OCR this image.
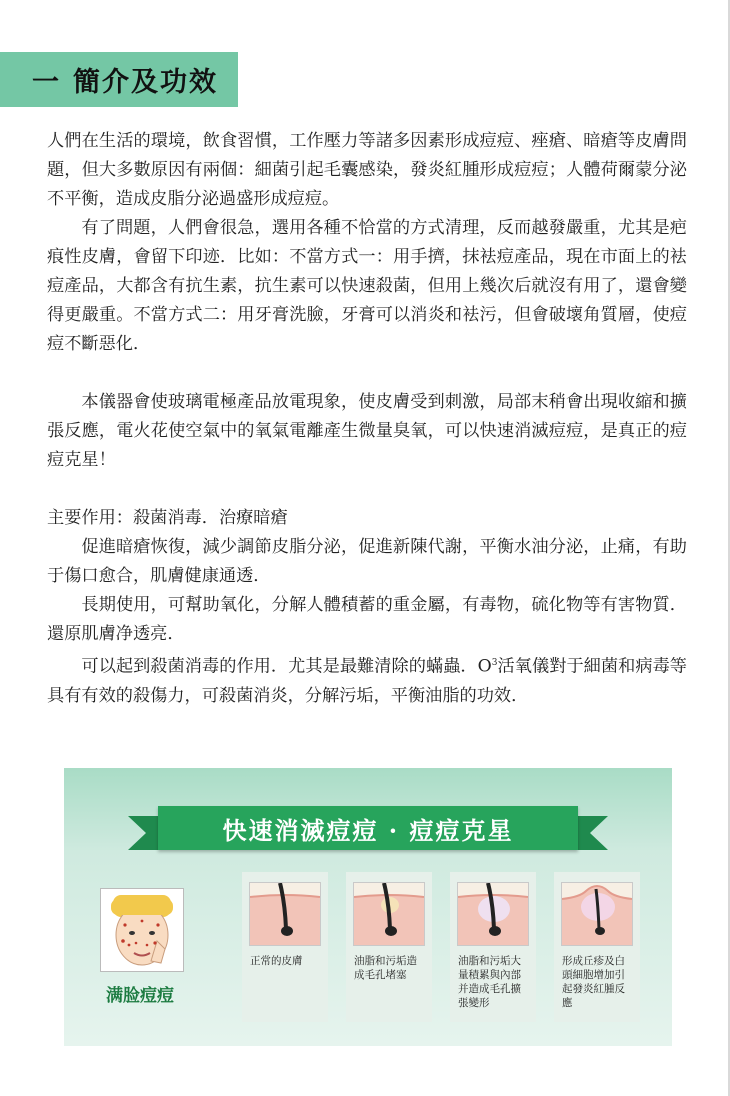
一 簡介及功效

人們在生活的環境，飲食習慣，工作壓力等諸多因素形成痘痘、痤瘡、暗瘡等皮膚問題，但大多數原因有兩個：細菌引起毛囊感染，發炎紅腫形成痘痘；人體荷爾蒙分泌不平衡，造成皮脂分泌過盛形成痘痘。

有了問題，人們會很急，選用各種不恰當的方式清理，反而越發嚴重，尤其是疤痕性皮膚，會留下印迹．比如：不當方式一：用手擠，抹袪痘產品，現在市面上的袪痘產品，大都含有抗生素，抗生素可以快速殺菌，但用上幾次后就沒有用了，還會變得更嚴重。不當方式二：用牙膏洗臉，牙膏可以消炎和袪污，但會破壞角質層，使痘痘不斷惡化．

本儀器會使玻璃電極產品放電現象，使皮膚受到刺激，局部末稍會出現收縮和擴張反應，電火花使空氣中的氧氣電離產生微量臭氧，可以快速消滅痘痘，是真正的痘痘克星！

主要作用：殺菌消毒．治療暗瘡

促進暗瘡恢復，減少調節皮脂分泌，促進新陳代謝，平衡水油分泌，止痛，有助于傷口愈合，肌膚健康通透．

長期使用，可幫助氧化，分解人體積蓄的重金屬，有毒物，硫化物等有害物質．還原肌膚净透亮．

可以起到殺菌消毒的作用．尤其是最難清除的蟎蟲．$O^3$活氧儀對于細菌和病毒等具有有效的殺傷力，可殺菌消炎，分解污垢，平衡油脂的功效．

快速消滅痘痘 · 痘痘克星
满脸痘痘
正常的皮膚	油脂和污垢造成毛孔堵塞
油脂和污垢大量積累與內部并造成毛孔擴張變形
形成丘疹及白頭細胞增加引起發炎紅腫反應
